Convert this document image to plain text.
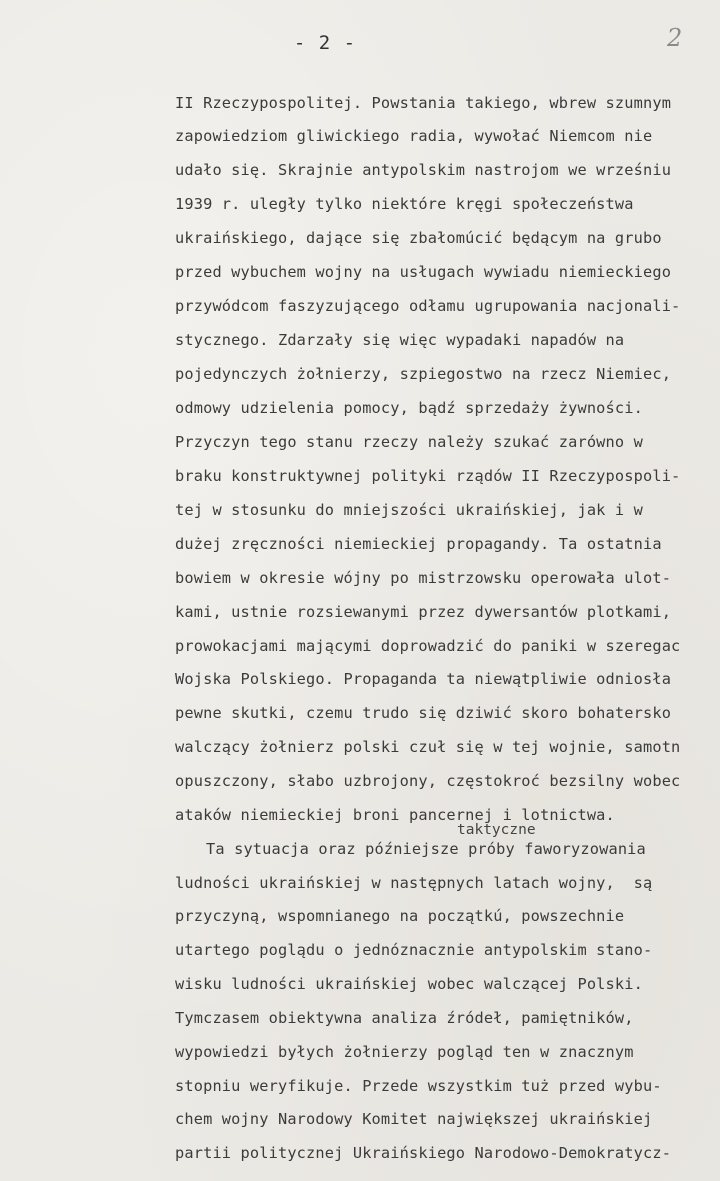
- 2 -	2
II Rzeczypospolitej. Powstania takiego, wbrew szumnym
zapowiedziom gliwickiego radia, wywołać Niemcom nie
udało się. Skrajnie antypolskim nastrojom we wrześniu
1939 r. uległy tylko niektóre kręgi społeczeństwa
ukraińskiego, dające się zbałomúcić będącym na grubo
przed wybuchem wojny na usługach wywiadu niemieckiego
przywódcom faszyzującego odłamu ugrupowania nacjonali-
stycznego. Zdarzały się więc wypadaki napadów na
pojedynczych żołnierzy, szpiegostwo na rzecz Niemiec,
odmowy udzielenia pomocy, bądź sprzedaży żywności.
Przyczyn tego stanu rzeczy należy szukać zarówno w
braku konstruktywnej polityki rządów II Rzeczypospoli-
tej w stosunku do mniejszości ukraińskiej, jak i w
dużej zręczności niemieckiej propagandy. Ta ostatnia
bowiem w okresie wójny po mistrzowsku operowała ulot-
kami, ustnie rozsiewanymi przez dywersantów plotkami,
prowokacjami mającymi doprowadzić do paniki w szeregac
Wojska Polskiego. Propaganda ta niewątpliwie odniosła
pewne skutki, czemu trudo się dziwić skoro bohatersko
walczący żołnierz polski czuł się w tej wojnie, samotn
opuszczony, słabo uzbrojony, częstokroć bezsilny wobec
ataków niemieckiej broni pancernej i lotnictwa.
taktyczne
Ta sytuacja oraz późniejsze próby faworyzowania
ludności ukraińskiej w następnych latach wojny,  są
przyczyną, wspomnianego na początkú, powszechnie
utartego poglądu o jednóznacznie antypolskim stano-
wisku ludności ukraińskiej wobec walczącej Polski.
Tymczasem obiektywna analiza źródeł, pamiętników,
wypowiedzi byłych żołnierzy pogląd ten w znacznym
stopniu weryfikuje. Przede wszystkim tuż przed wybu-
chem wojny Narodowy Komitet największej ukraińskiej
partii politycznej Ukraińskiego Narodowo-Demokratycz-
